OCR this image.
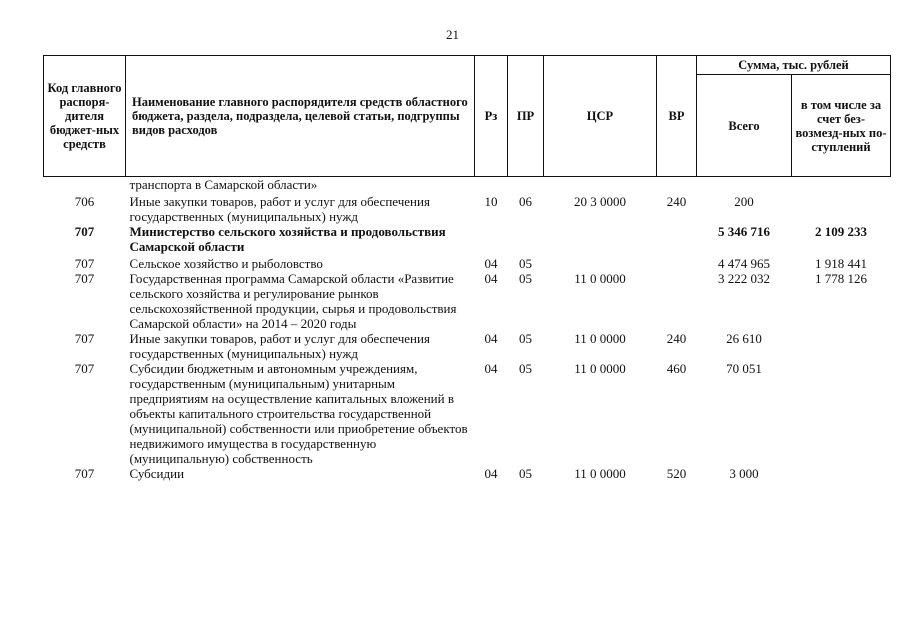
21
Код главного распоря-дителя бюджет-ных средств	Наименование главного распорядителя средств областного бюджета, раздела, подраздела, целевой статьи, подгруппы видов расходов	Рз	ПР	ЦСР	ВР	Сумма, тыс. рублей	
						Всего	в том числе за счет без-возмезд-ных по-ступлений
	транспорта в Самарской области»						
706	Иные закупки товаров, работ и услуг для обеспечения государственных (муниципальных) нужд	10	06	20 3 0000	240	200	
707	Министерство сельского хозяйства и продовольствия Самарской области					5 346 716	2 109 233
707	Сельское хозяйство и рыболовство	04	05			4 474 965	1 918 441
707	Государственная программа Самарской области «Развитие сельского хозяйства и регулирование рынков сельскохозяйственной продукции, сырья и продовольствия Самарской области» на 2014 – 2020 годы	04	05	11 0 0000		3 222 032	1 778 126
707	Иные закупки товаров, работ и услуг для обеспечения государственных (муниципальных) нужд	04	05	11 0 0000	240	26 610	
707	Субсидии бюджетным и автономным учреждениям, государственным (муниципальным) унитарным предприятиям на осуществление капитальных вложений в объекты капитального строительства государственной (муниципальной) собственности или приобретение объектов недвижимого имущества в государственную (муниципальную) собственность	04	05	11 0 0000	460	70 051	
707	Субсидии	04	05	11 0 0000	520	3 000	
